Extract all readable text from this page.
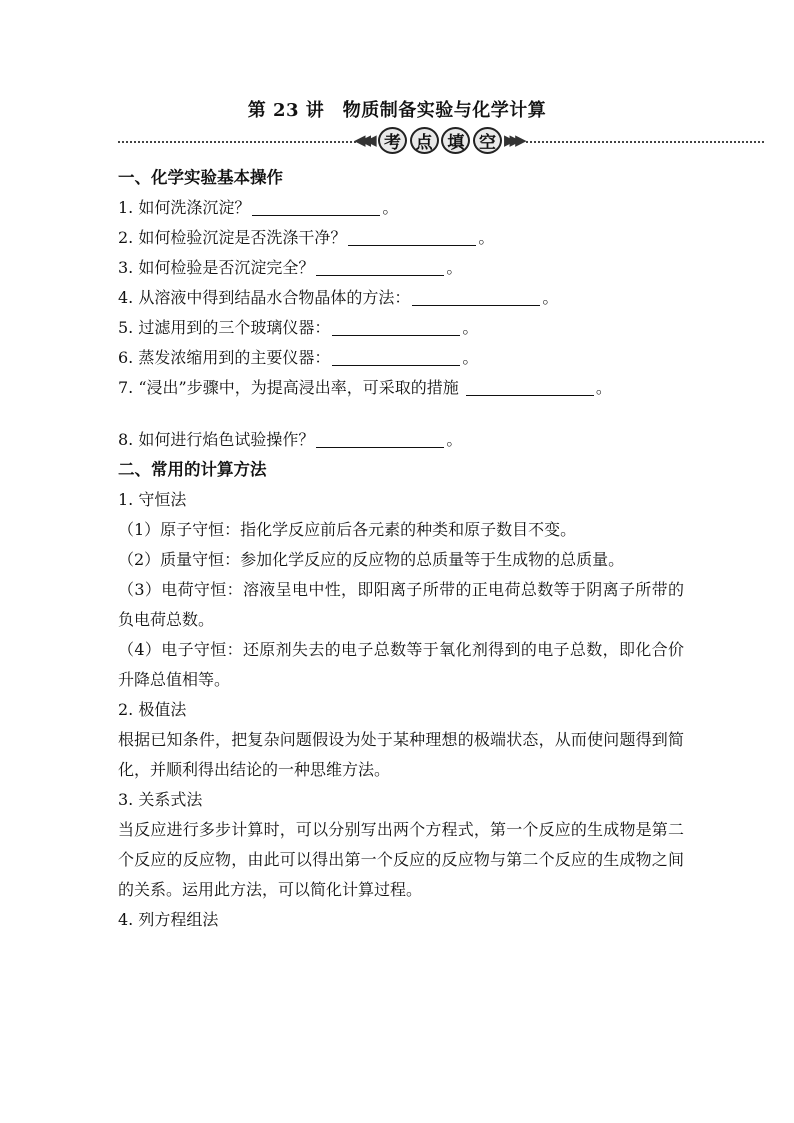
第 23 讲　物质制备实验与化学计算
◀◀◀ 考 点 填 空 ▶▶▶
一、化学实验基本操作
1. 如何洗涤沉淀？	。
2. 如何检验沉淀是否洗涤干净？	。
3. 如何检验是否沉淀完全？	。
4. 从溶液中得到结晶水合物晶体的方法：	。
5. 过滤用到的三个玻璃仪器：	。
6. 蒸发浓缩用到的主要仪器：	。
7. “浸出”步骤中，为提高浸出率，可采取的措施	。
8. 如何进行焰色试验操作？	。
二、常用的计算方法
1. 守恒法
（1）原子守恒：指化学反应前后各元素的种类和原子数目不变。
（2）质量守恒：参加化学反应的反应物的总质量等于生成物的总质量。
（3）电荷守恒：溶液呈电中性，即阳离子所带的正电荷总数等于阴离子所带的负电荷总数。
（4）电子守恒：还原剂失去的电子总数等于氧化剂得到的电子总数，即化合价升降总值相等。
2. 极值法
根据已知条件，把复杂问题假设为处于某种理想的极端状态，从而使问题得到简化，并顺利得出结论的一种思维方法。
3. 关系式法
当反应进行多步计算时，可以分别写出两个方程式，第一个反应的生成物是第二个反应的反应物，由此可以得出第一个反应的反应物与第二个反应的生成物之间的关系。运用此方法，可以简化计算过程。
4. 列方程组法
